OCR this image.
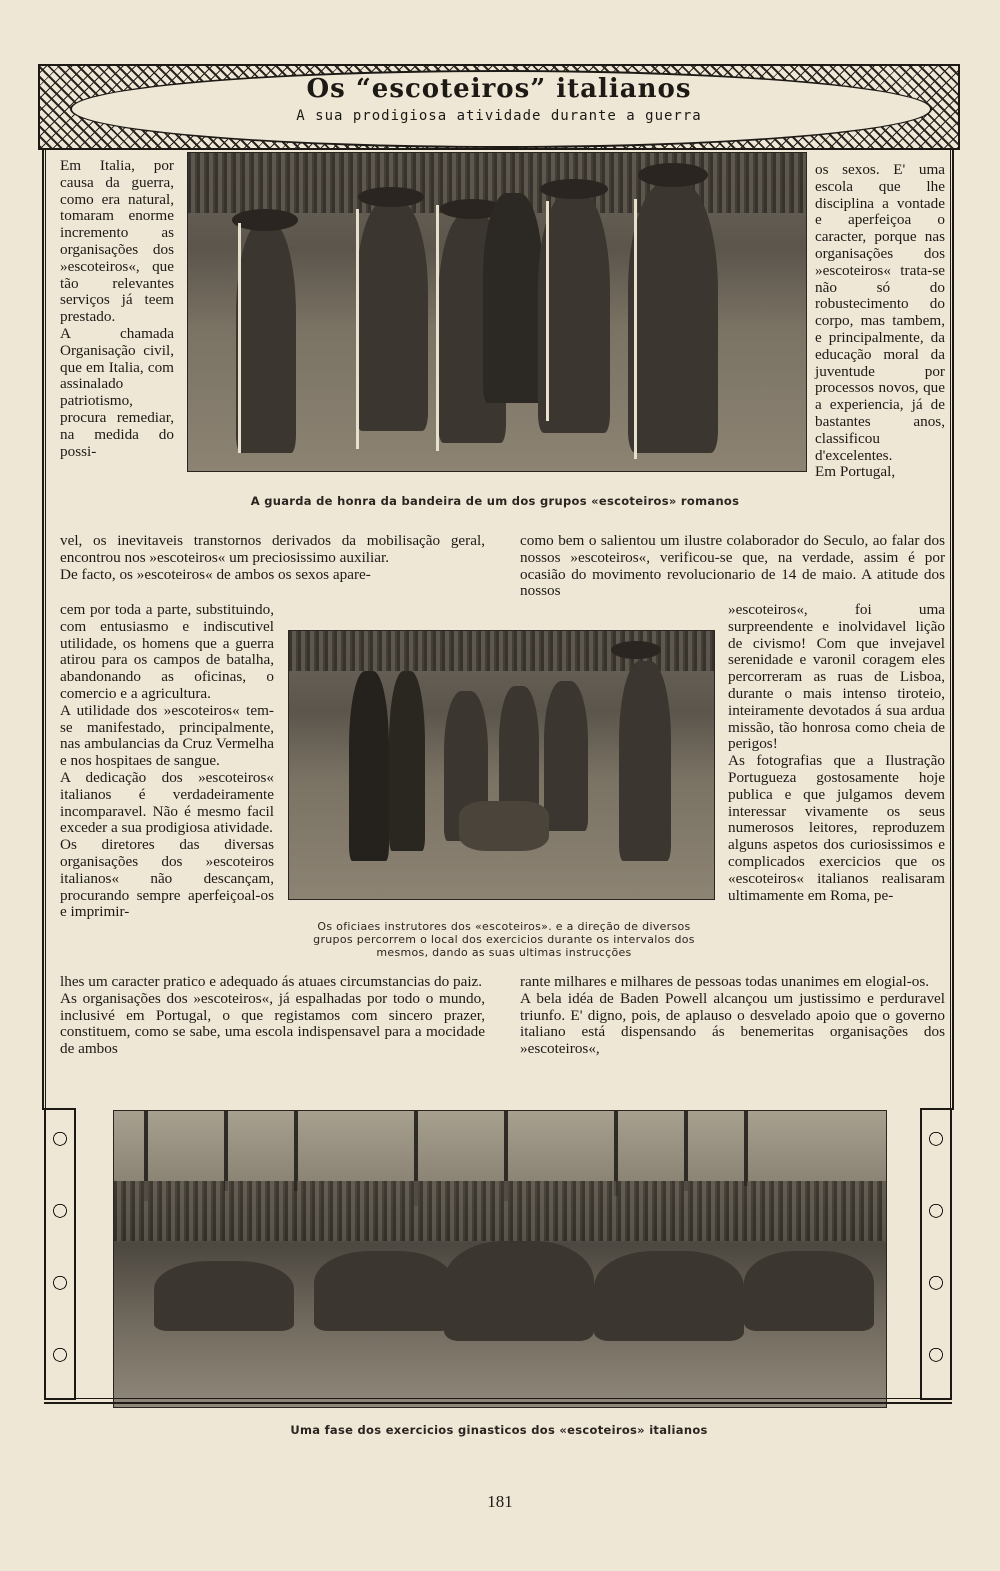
Os “escoteiros” italianos
A sua prodigiosa atividade durante a guerra
A guarda de honra da bandeira de um dos grupos «escoteiros» romanos
Os oficiaes instrutores dos «escoteiros». e a direção de diversos grupos percorrem o local dos exercicios durante os intervalos dos mesmos, dando as suas ultimas instrucções
Uma fase dos exercicios ginasticos dos «escoteiros» italianos

Em Italia, por causa da guerra, como era natural, tomaram enorme incremento as organisações dos »escoteiros«, que tão relevantes serviços já teem prestado.
A chamada Organisação civil, que em Italia, com assinalado patriotismo, procura remediar, na medida do possi-

os sexos. E' uma escola que lhe disciplina a vontade e aperfeiçoa o caracter, porque nas organisações dos »escoteiros« trata-se não só do robustecimento do corpo, mas tambem, e principalmente, da educação moral da juventude por processos novos, que a experiencia, já de bastantes anos, classificou d'excelentes.
Em Portugal,

vel, os inevitaveis transtornos derivados da mobilisação geral, encontrou nos »escoteiros« um preciosissimo auxiliar.
De facto, os »escoteiros« de ambos os sexos apare-

como bem o salientou um ilustre colaborador do Seculo, ao falar dos nossos »escoteiros«, verificou-se que, na verdade, assim é por ocasião do movimento revolucionario de 14 de maio. A atitude dos nossos

cem por toda a parte, substituindo, com entusiasmo e indiscutivel utilidade, os homens que a guerra atirou para os campos de batalha, abandonando as oficinas, o comercio e a agricultura.
A utilidade dos »escoteiros« tem-se manifestado, principalmente, nas ambulancias da Cruz Vermelha e nos hospitaes de sangue.
A dedicação dos »escoteiros« italianos é verdadeiramente incomparavel. Não é mesmo facil exceder a sua prodigiosa atividade.
Os diretores das diversas organisações dos »escoteiros italianos« não descançam, procurando sempre aperfeiçoal-os e imprimir-

»escoteiros«, foi uma surpreendente e inolvidavel lição de civismo! Com que invejavel serenidade e varonil coragem eles percorreram as ruas de Lisboa, durante o mais intenso tiroteio, inteiramente devotados á sua ardua missão, tão honrosa como cheia de perigos!
As fotografias que a Ilustração Portugueza gostosamente hoje publica e que julgamos devem interessar vivamente os seus numerosos leitores, reproduzem alguns aspetos dos curiosissimos e complicados exercicios que os «escoteiros« italianos realisaram ultimamente em Roma, pe-

lhes um caracter pratico e adequado ás atuaes circumstancias do paiz.
As organisações dos »escoteiros«, já espalhadas por todo o mundo, inclusivé em Portugal, o que registamos com sincero prazer, constituem, como se sabe, uma escola indispensavel para a mocidade de ambos

rante milhares e milhares de pessoas todas unanimes em elogial-os.
A bela idéa de Baden Powell alcançou um justissimo e perduravel triunfo. E' digno, pois, de aplauso o desvelado apoio que o governo italiano está dispensando ás benemeritas organisações dos »escoteiros«,

181
